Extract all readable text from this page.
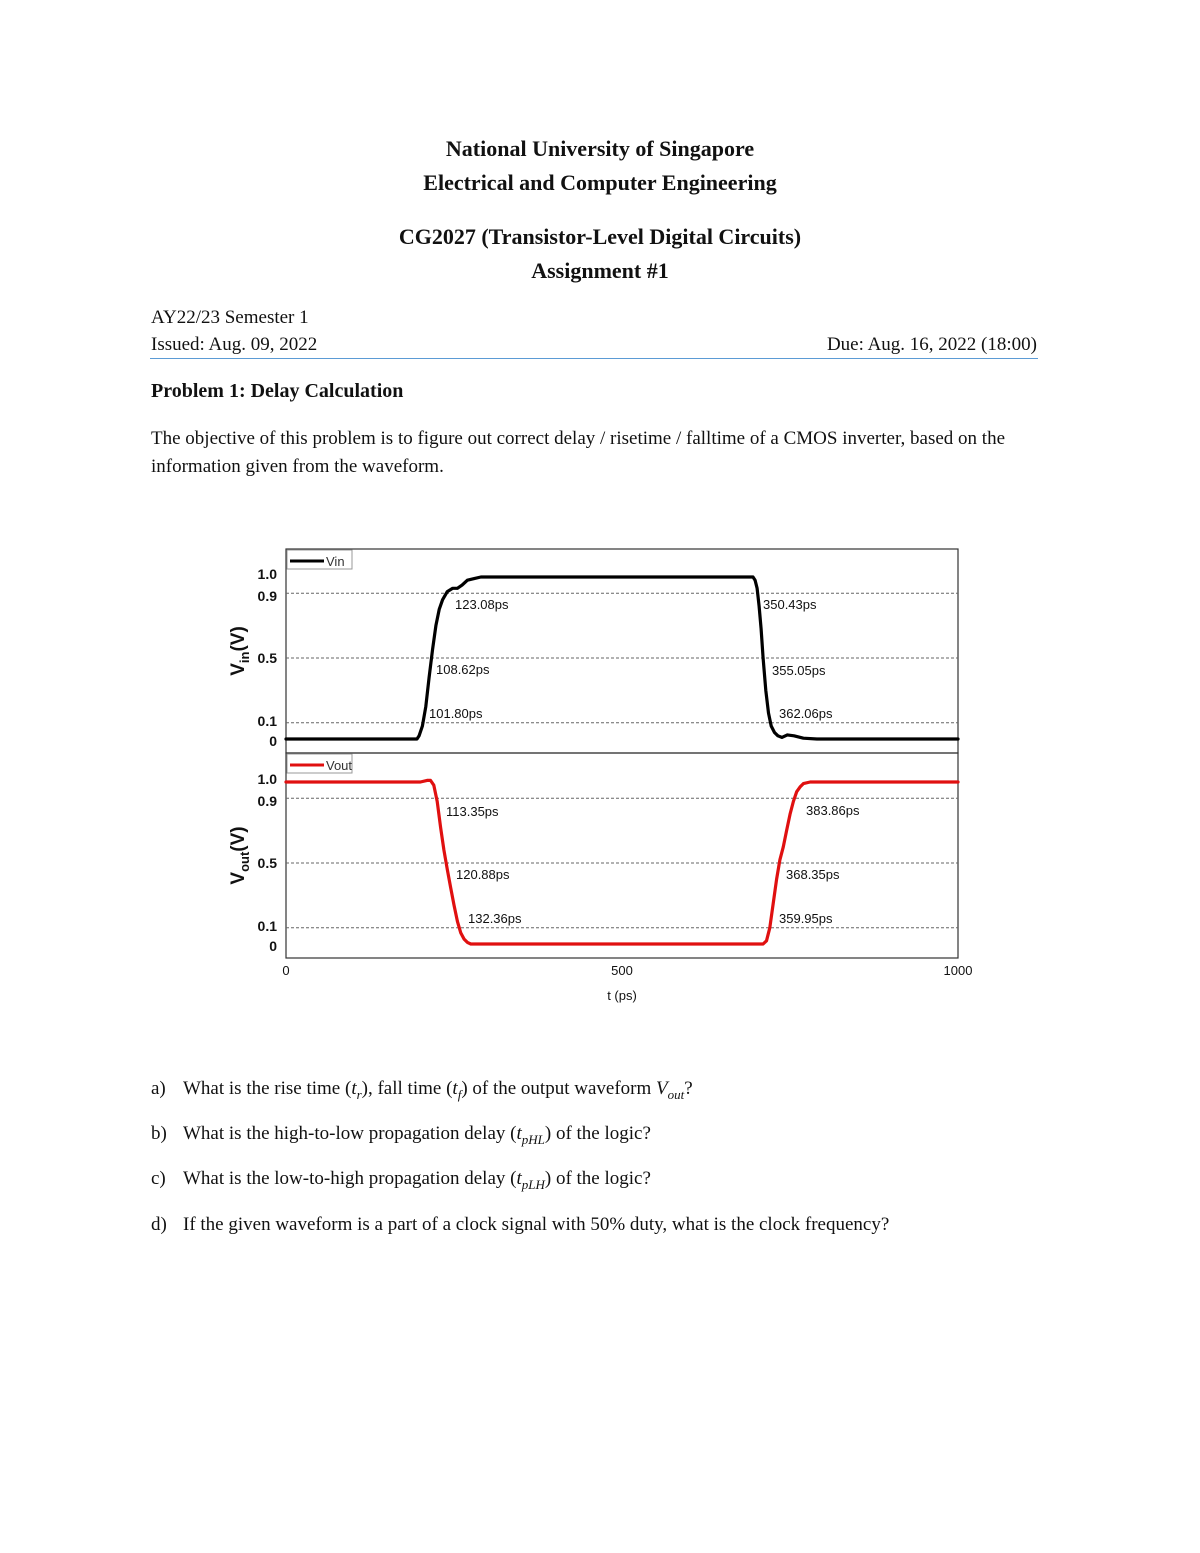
National University of Singapore
Electrical and Computer Engineering
CG2027 (Transistor-Level Digital Circuits)
Assignment #1
AY22/23 Semester 1
Issued: Aug. 09, 2022	Due: Aug. 16, 2022 (18:00)
Problem 1: Delay Calculation
The objective of this problem is to figure out correct delay / risetime / falltime of a CMOS inverter, based on the information given from the waveform.
0
0.1
0.5
0.9
1.0
$V_{in}(V)$
Vin
123.08ps
108.62ps
101.80ps
350.43ps
355.05ps
362.06ps
0
0.1
0.5
0.9
1.0
$V_{out}(V)$
Vout
113.35ps
120.88ps
132.36ps
383.86ps
368.35ps
359.95ps
0	500	1000
t (ps)
a) What is the rise time $(t_r)$, fall time $(t_f)$ of the output waveform $V_{out}$?
b) What is the high-to-low propagation delay $(t_{pHL})$ of the logic?
c) What is the low-to-high propagation delay $(t_{pLH})$ of the logic?
d) If the given waveform is a part of a clock signal with 50% duty, what is the clock frequency?
